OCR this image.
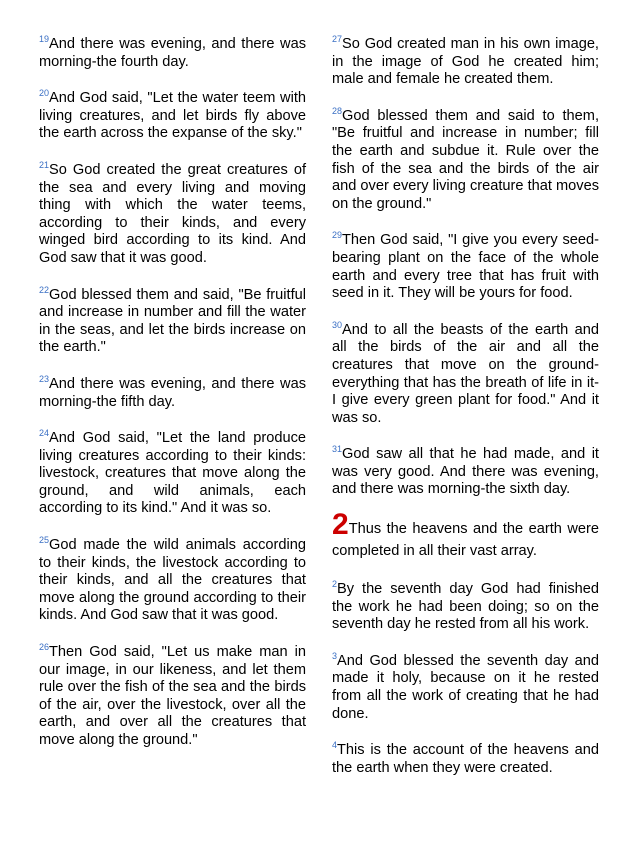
$^{19}$And there was evening, and there was morning-the fourth day.

$^{20}$And God said, "Let the water teem with living creatures, and let birds fly above the earth across the expanse of the sky."

$^{21}$So God created the great creatures of the sea and every living and moving thing with which the water teems, according to their kinds, and every winged bird according to its kind. And God saw that it was good.

$^{22}$God blessed them and said, "Be fruitful and increase in number and fill the water in the seas, and let the birds increase on the earth."

$^{23}$And there was evening, and there was morning-the fifth day.

$^{24}$And God said, "Let the land produce living creatures according to their kinds: livestock, creatures that move along the ground, and wild animals, each according to its kind." And it was so.

$^{25}$God made the wild animals according to their kinds, the livestock according to their kinds, and all the creatures that move along the ground according to their kinds. And God saw that it was good.

$^{26}$Then God said, "Let us make man in our image, in our likeness, and let them rule over the fish of the sea and the birds of the air, over the livestock, over all the earth, and over all the creatures that move along the ground."

$^{27}$So God created man in his own image, in the image of God he created him; male and female he created them.

$^{28}$God blessed them and said to them, "Be fruitful and increase in number; fill the earth and subdue it. Rule over the fish of the sea and the birds of the air and over every living creature that moves on the ground."

$^{29}$Then God said, "I give you every seed-bearing plant on the face of the whole earth and every tree that has fruit with seed in it. They will be yours for food.

$^{30}$And to all the beasts of the earth and all the birds of the air and all the creatures that move on the ground-everything that has the breath of life in it-I give every green plant for food." And it was so.

$^{31}$God saw all that he had made, and it was very good. And there was evening, and there was morning-the sixth day.

2Thus the heavens and the earth were completed in all their vast array.

$^2$By the seventh day God had finished the work he had been doing; so on the seventh day he rested from all his work.

$^3$And God blessed the seventh day and made it holy, because on it he rested from all the work of creating that he had done.

$^4$This is the account of the heavens and the earth when they were created.
